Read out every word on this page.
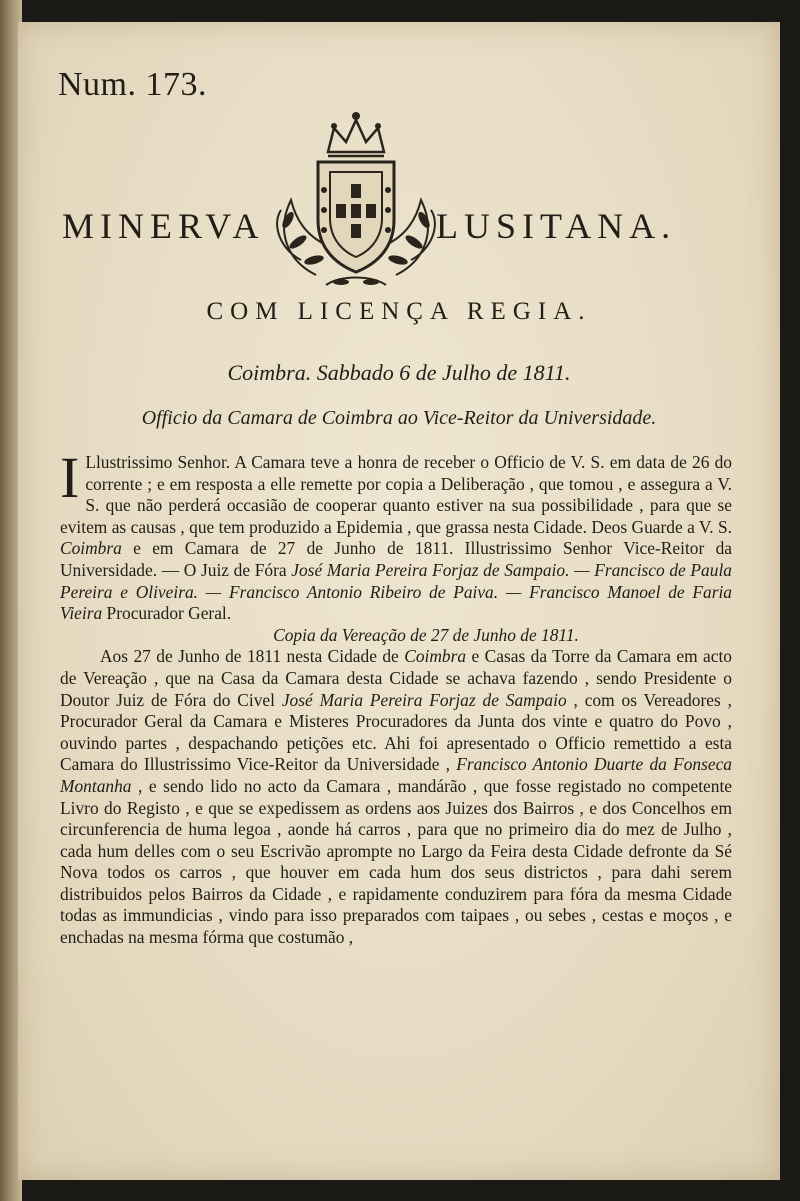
Num. 173.
MINERVA	LUSITANA.
COM LICENÇA REGIA.
Coimbra. Sabbado 6 de Julho de 1811.
Officio da Camara de Coimbra ao Vice-Reitor da Universidade.

I Llustrissimo Senhor. A Camara teve a honra de receber o Officio de V. S. em data de 26 do corrente ; e em resposta a elle remette por copia a Deliberação , que tomou , e assegura a V. S. que não perderá occasião de cooperar quanto estiver na sua possibilidade , para que se evitem as causas , que tem produzido a Epidemia , que grassa nesta Cidade. Deos Guarde a V. S. Coimbra e em Camara de 27 de Junho de 1811. Illustrissimo Senhor Vice-Reitor da Universidade. — O Juiz de Fóra José Maria Pereira Forjaz de Sampaio. — Francisco de Paula Pereira e Oliveira. — Francisco Antonio Ribeiro de Paiva. — Francisco Manoel de Faria Vieira Procurador Geral.

Copia da Vereação de 27 de Junho de 1811.

Aos 27 de Junho de 1811 nesta Cidade de Coimbra e Casas da Torre da Camara em acto de Vereação , que na Casa da Camara desta Cidade se achava fazendo , sendo Presidente o Doutor Juiz de Fóra do Civel José Maria Pereira Forjaz de Sampaio , com os Vereadores , Procurador Geral da Camara e Misteres Procuradores da Junta dos vinte e quatro do Povo , ouvindo partes , despachando petições etc. Ahi foi apresentado o Officio remettido a esta Camara do Illustrissimo Vice-Reitor da Universidade , Francisco Antonio Duarte da Fonseca Montanha , e sendo lido no acto da Camara , mandárão , que fosse registado no competente Livro do Registo , e que se expedissem as ordens aos Juizes dos Bairros , e dos Concelhos em circunferencia de huma legoa , aonde há carros , para que no primeiro dia do mez de Julho , cada hum delles com o seu Escrivão aprompte no Largo da Feira desta Cidade defronte da Sé Nova todos os carros , que houver em cada hum dos seus districtos , para dahi serem distribuidos pelos Bairros da Cidade , e rapidamente conduzirem para fóra da mesma Cidade todas as immundicias , vindo para isso preparados com taipaes , ou sebes , cestas e moços , e enchadas na mesma fórma que costumão ,
